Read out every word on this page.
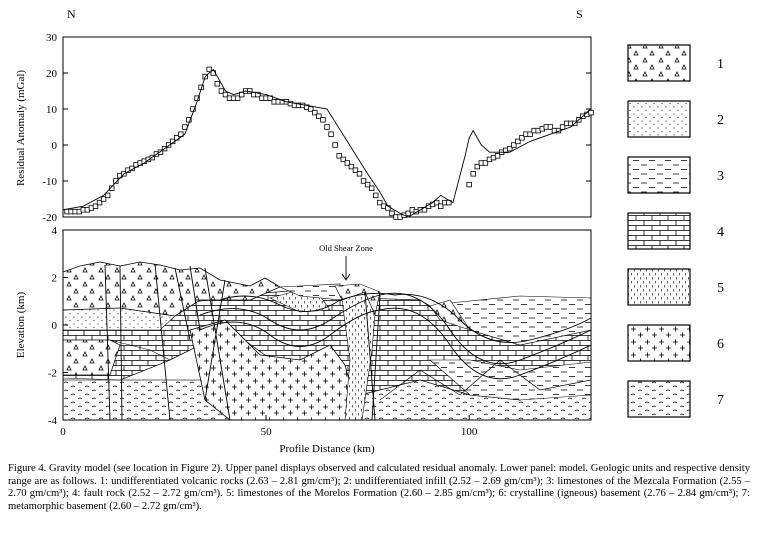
N	S
30
20
10
0
-10
-20
Residual Anomaly (mGal)
4
2
0
-2
-4
0	50	100
Elevation (km)
Profile Distance (km)
Old Shear Zone
1
2
3
4
5
6
7
Figure 4. Gravity model (see location in Figure 2). Upper panel displays observed and calculated residual anomaly. Lower panel: model. Geologic units and respective density range are as follows. 1: undifferentiated volcanic rocks (2.63 – 2.81 gm/cm³); 2: undifferentiated infill (2.52 – 2.69 gm/cm³); 3: limestones of the Mezcala Formation (2.55 – 2.70 gm/cm³); 4: fault rock (2.52 – 2.72 gm/cm³). 5: limestones of the Morelos Formation (2.60 – 2.85 gm/cm³); 6: crystalline (igneous) basement (2.76 – 2.84 gm/cm³); 7: metamorphic basement (2.60 – 2.72 gm/cm³).
